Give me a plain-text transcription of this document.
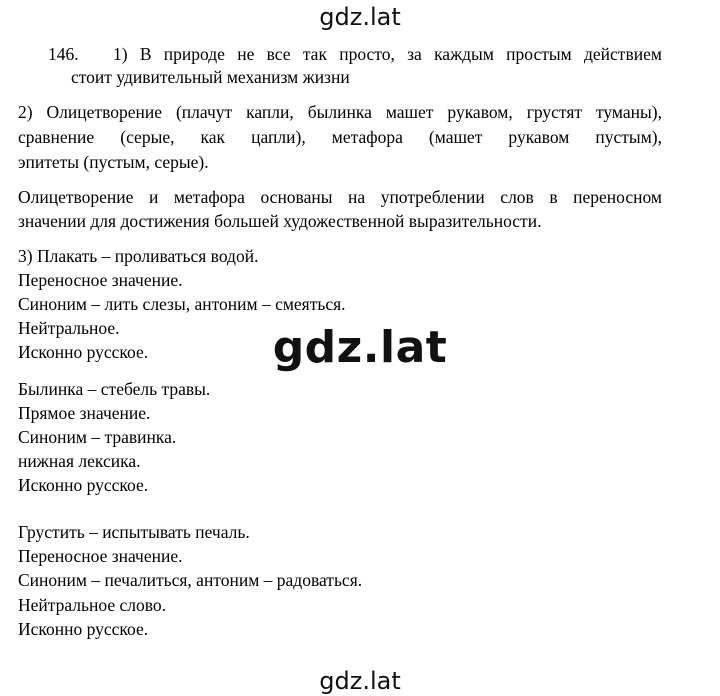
gdz.lat
146. 1) В природе не все так просто, за каждым простым действием
стоит удивительный механизм жизни
2) Олицетворение (плачут капли, былинка машет рукавом, грустят туманы),
сравнение (серые, как цапли), метафора (машет рукавом пустым),
эпитеты (пустым, серые).
Олицетворение и метафора основаны на употреблении слов в переносном
значении для достижения большей художественной выразительности.
3) Плакать – проливаться водой.
Переносное значение.
Синоним – лить слезы, антоним – смеяться.
Нейтральное.
Исконно русское.	gdz.lat
Былинка – стебель травы.
Прямое значение.
Синоним – травинка.
нижная лексика.
Исконно русское.
Грустить – испытывать печаль.
Переносное значение.
Синоним – печалиться, антоним – радоваться.
Нейтральное слово.
Исконно русское.
gdz.lat
